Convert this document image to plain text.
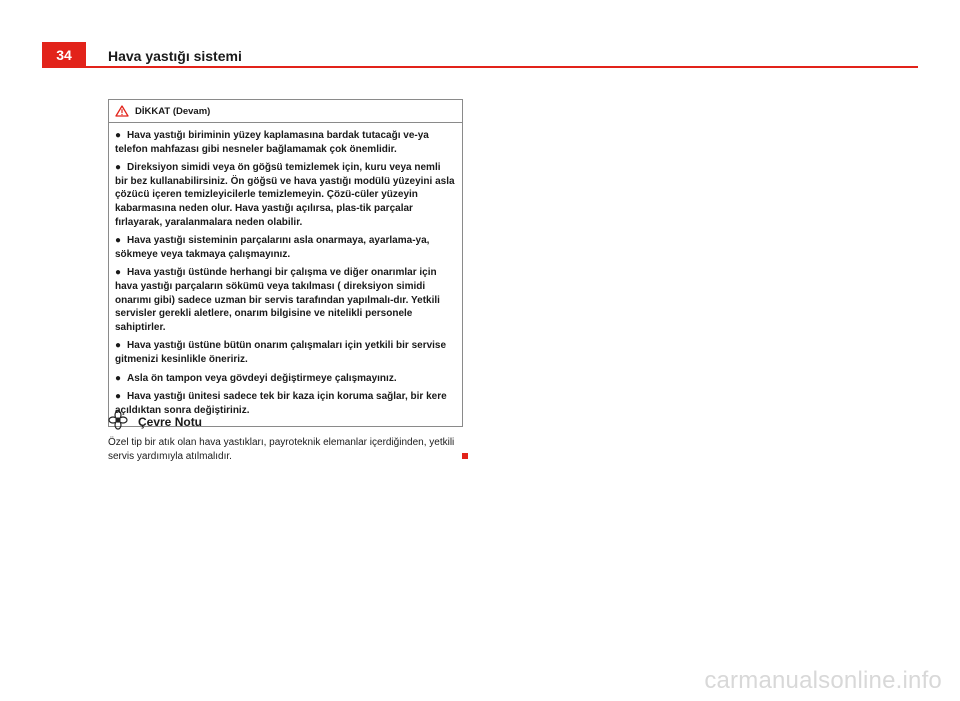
34	Hava yastığı sistemi
DİKKAT (Devam)

● Hava yastığı biriminin yüzey kaplamasına bardak tutacağı ve-ya telefon mahfazası gibi nesneler bağlamamak çok önemlidir.

● Direksiyon simidi veya ön göğsü temizlemek için, kuru veya nemli bir bez kullanabilirsiniz. Ön göğsü ve hava yastığı modülü yüzeyini asla çözücü içeren temizleyicilerle temizlemeyin. Çözü-cüler yüzeyin kabarmasına neden olur. Hava yastığı açılırsa, plas-tik parçalar fırlayarak, yaralanmalara neden olabilir.

● Hava yastığı sisteminin parçalarını asla onarmaya, ayarlama-ya, sökmeye veya takmaya çalışmayınız.

● Hava yastığı üstünde herhangi bir çalışma ve diğer onarımlar için hava yastığı parçaların sökümü veya takılması ( direksiyon simidi onarımı gibi) sadece uzman bir servis tarafından yapılmalı-dır. Yetkili servisler gerekli aletlere, onarım bilgisine ve nitelikli personele sahiptirler.

● Hava yastığı üstüne bütün onarım çalışmaları için yetkili bir servise gitmenizi kesinlikle öneririz.

● Asla ön tampon veya gövdeyi değiştirmeye çalışmayınız.

● Hava yastığı ünitesi sadece tek bir kaza için koruma sağlar, bir kere açıldıktan sonra değiştiriniz.

Çevre Notu
Özel tip bir atık olan hava yastıkları, payroteknik elemanlar içerdiğinden, yetkili servis yardımıyla atılmalıdır.
carmanualsonline.info
